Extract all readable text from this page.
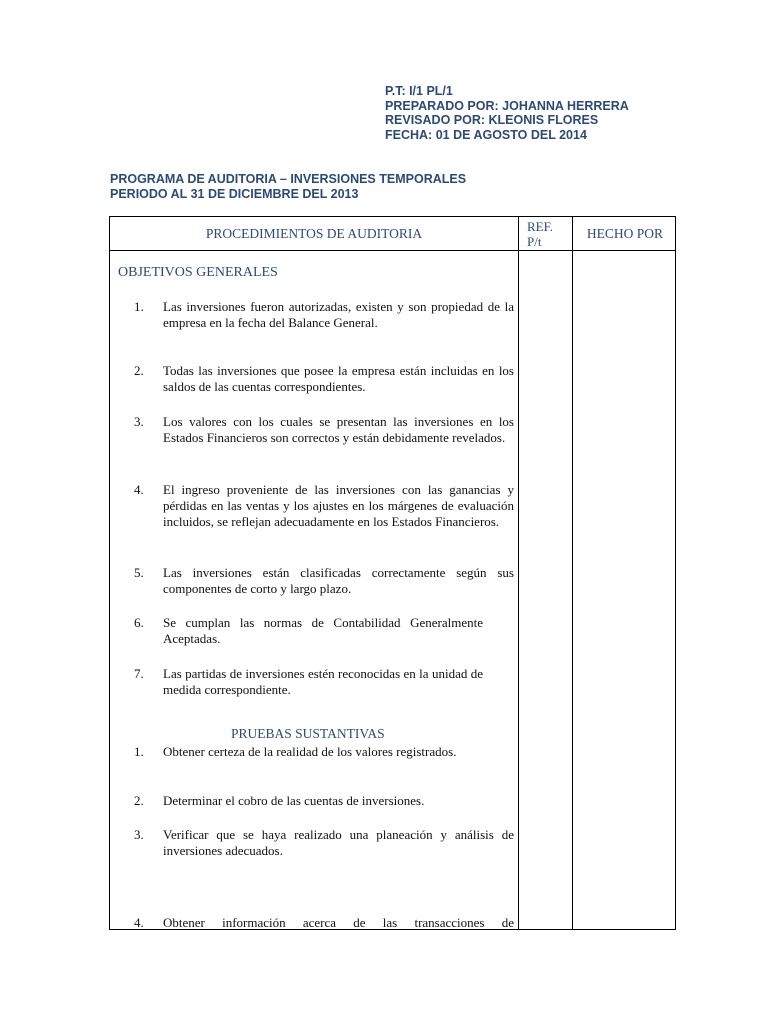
P.T: I/1 PL/1
PREPARADO POR: JOHANNA HERRERA
REVISADO POR: KLEONIS FLORES
FECHA: 01 DE AGOSTO DEL 2014
PROGRAMA DE AUDITORIA – INVERSIONES TEMPORALES
PERIODO AL 31 DE DICIEMBRE DEL 2013
PROCEDIMIENTOS DE AUDITORIA	REF.
P/t
HECHO POR
OBJETIVOS GENERALES
1. Las inversiones fueron autorizadas, existen y son propiedad de la empresa en la fecha del Balance General.
2. Todas las inversiones que posee la empresa están incluidas en los saldos de las cuentas correspondientes.
3. Los valores con los cuales se presentan las inversiones en los Estados Financieros son correctos y están debidamente revelados.
4. El ingreso proveniente de las inversiones con las ganancias y pérdidas en las ventas y los ajustes en los márgenes de evaluación incluidos, se reflejan adecuadamente en los Estados Financieros.
5. Las inversiones están clasificadas correctamente según sus componentes de corto y largo plazo.
6. Se cumplan las normas de Contabilidad Generalmente Aceptadas.
7. Las partidas de inversiones estén reconocidas en la unidad de medida correspondiente.
PRUEBAS SUSTANTIVAS
1. Obtener certeza de la realidad de los valores registrados.
2. Determinar el cobro de las cuentas de inversiones.
3. Verificar que se haya realizado una planeación y análisis de inversiones adecuados.
4. Obtener información acerca de las transacciones de
